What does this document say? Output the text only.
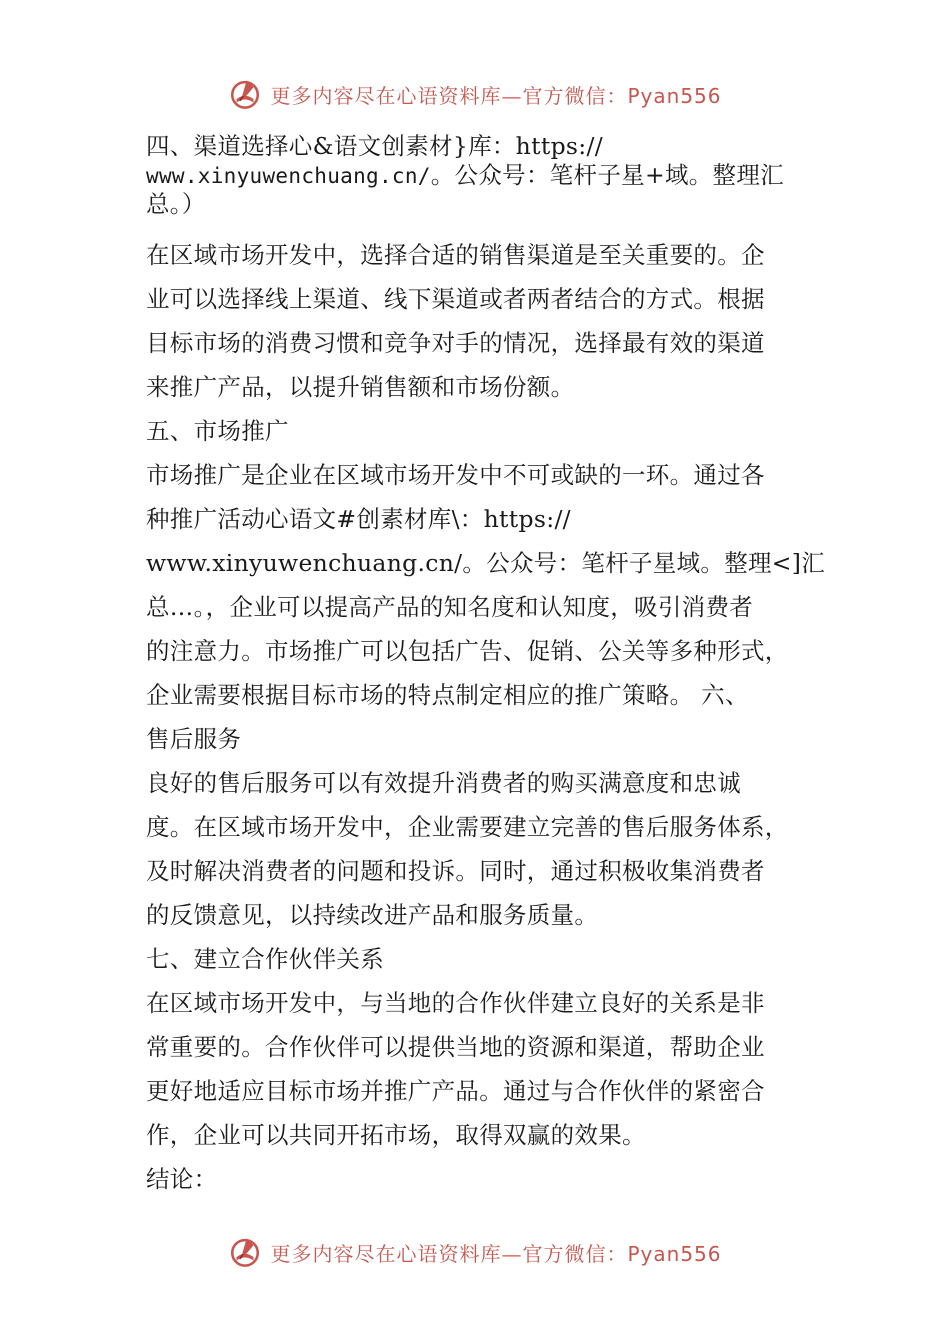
更多内容尽在心语资料库—官方微信：Pyan556
四、渠道选择心&语文创素材}库：https://
www.xinyuwenchuang.cn/。公众号：笔杆子星+域。整理汇
总。）
在区域市场开发中，选择合适的销售渠道是至关重要的。企
业可以选择线上渠道、线下渠道或者两者结合的方式。根据
目标市场的消费习惯和竞争对手的情况，选择最有效的渠道
来推广产品，以提升销售额和市场份额。
五、市场推广
市场推广是企业在区域市场开发中不可或缺的一环。通过各
种推广活动心语文#创素材库\：https://
www.xinyuwenchuang.cn/。公众号：笔杆子星域。整理<]汇
总…。，企业可以提高产品的知名度和认知度，吸引消费者
的注意力。市场推广可以包括广告、促销、公关等多种形式，
企业需要根据目标市场的特点制定相应的推广策略。 六、
售后服务
良好的售后服务可以有效提升消费者的购买满意度和忠诚
度。在区域市场开发中，企业需要建立完善的售后服务体系，
及时解决消费者的问题和投诉。同时，通过积极收集消费者
的反馈意见，以持续改进产品和服务质量。
七、建立合作伙伴关系
在区域市场开发中，与当地的合作伙伴建立良好的关系是非
常重要的。合作伙伴可以提供当地的资源和渠道，帮助企业
更好地适应目标市场并推广产品。通过与合作伙伴的紧密合
作，企业可以共同开拓市场，取得双赢的效果。
结论：
更多内容尽在心语资料库—官方微信：Pyan556
